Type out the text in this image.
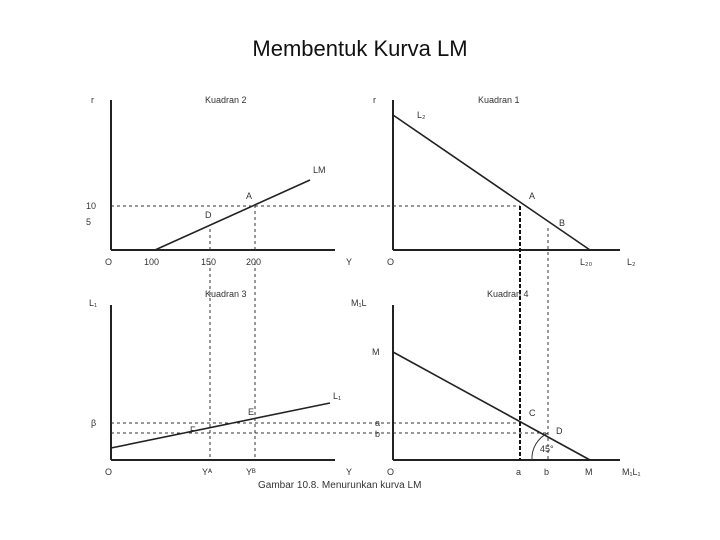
Membentuk Kurva LM
r	Kuadran 2
LM
10
5
A
D
O	100	150	200	Y
r	Kuadran 1
L₂
A
B
O	L₂₀	L₂
L₁
Kuadran 3
L₁
β
E
F
O	Yᴬ	Yᴮ	Y
M₁L
Kuadran 4
M
a
b
C
D
45°
O	a	b	M	M₁L₁
Gambar 10.8. Menurunkan kurva LM
